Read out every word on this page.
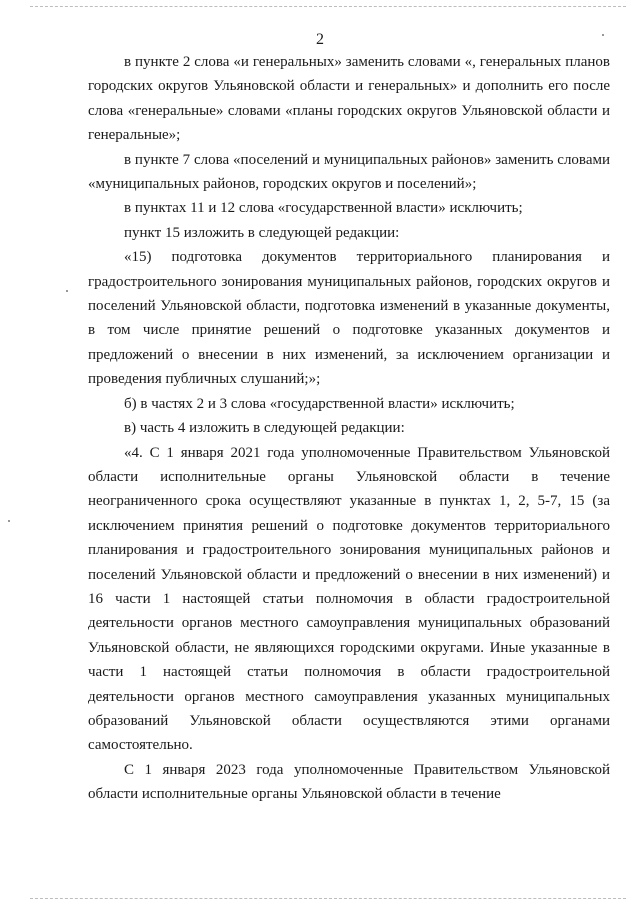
2

в пункте 2 слова «и генеральных» заменить словами «, генеральных планов городских округов Ульяновской области и генеральных» и дополнить его после слова «генеральные» словами «планы городских округов Ульяновской области и генеральные»;

в пункте 7 слова «поселений и муниципальных районов» заменить словами «муниципальных районов, городских округов и поселений»;

в пунктах 11 и 12 слова «государственной власти» исключить;

пункт 15 изложить в следующей редакции:

«15) подготовка документов территориального планирования и градостроительного зонирования муниципальных районов, городских округов и поселений Ульяновской области, подготовка изменений в указанные документы, в том числе принятие решений о подготовке указанных документов и предложений о внесении в них изменений, за исключением организации и проведения публичных слушаний;»;

б) в частях 2 и 3 слова «государственной власти» исключить;

в) часть 4 изложить в следующей редакции:

«4. С 1 января 2021 года уполномоченные Правительством Ульяновской области исполнительные органы Ульяновской области в течение неограниченного срока осуществляют указанные в пунктах 1, 2, 5-7, 15 (за исключением принятия решений о подготовке документов территориального планирования и градостроительного зонирования муниципальных районов и поселений Ульяновской области и предложений о внесении в них изменений) и 16 части 1 настоящей статьи полномочия в области градостроительной деятельности органов местного самоуправления муниципальных образований Ульяновской области, не являющихся городскими округами. Иные указанные в части 1 настоящей статьи полномочия в области градостроительной деятельности органов местного самоуправления указанных муниципальных образований Ульяновской области осуществляются этими органами самостоятельно.

С 1 января 2023 года уполномоченные Правительством Ульяновской области исполнительные органы Ульяновской области в течение
